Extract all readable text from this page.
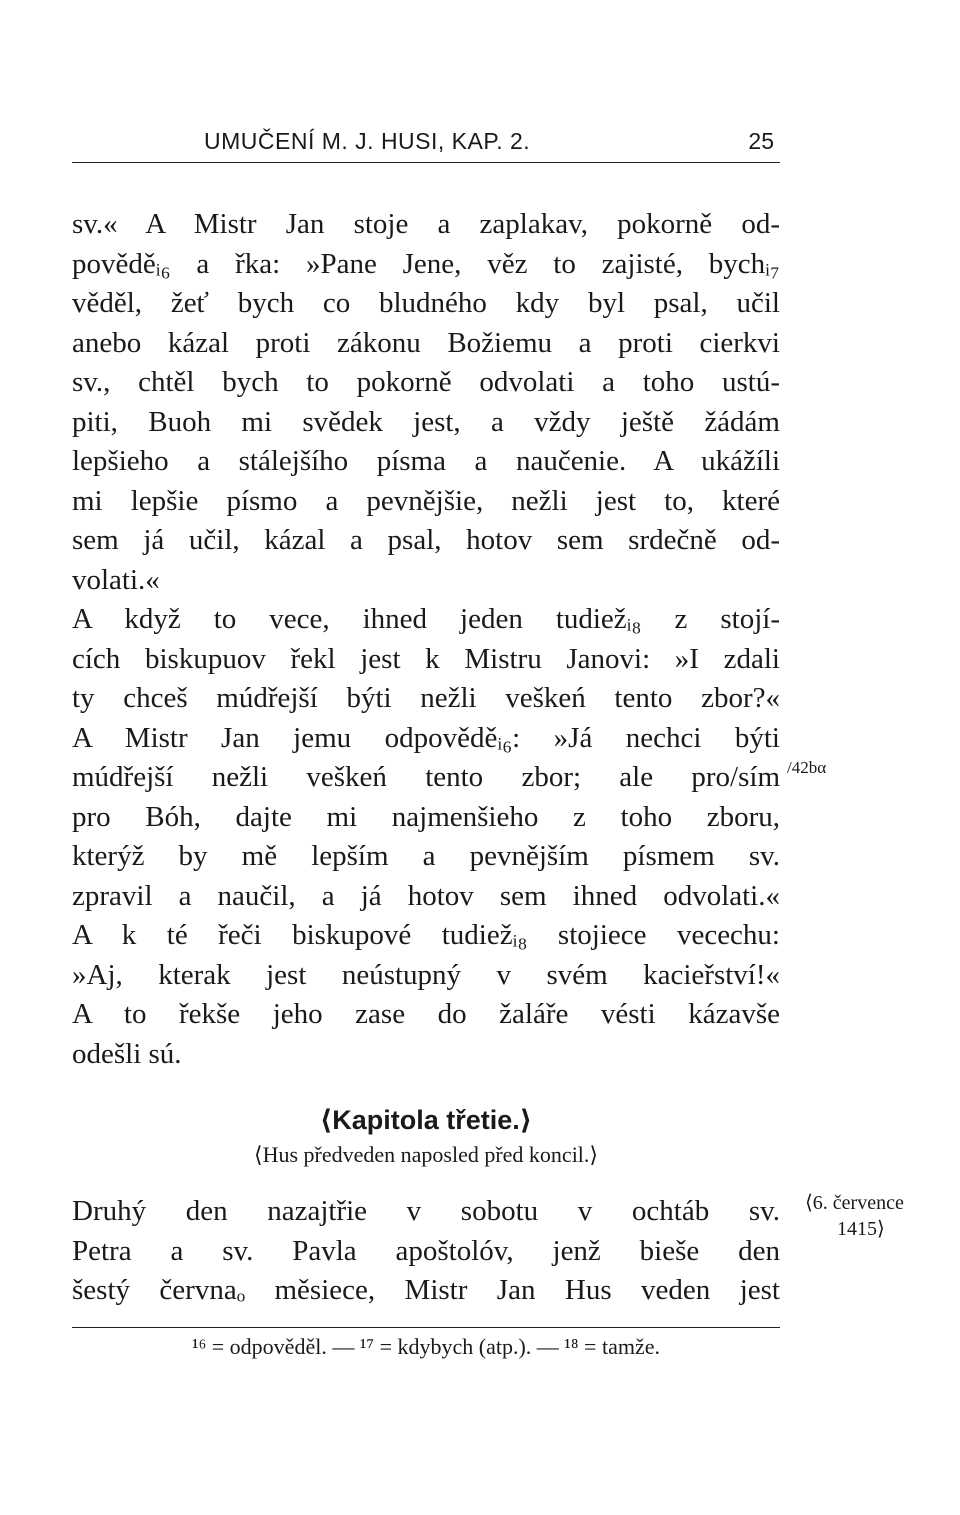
UMUČENÍ M. J. HUSI, KAP. 2.	25
sv.« A Mistr Jan stoje a zaplakav, pokorně od-
pověděᵢ₆ a řka: »Pane Jene, věz to zajisté, bychᵢ₇
věděl, žeť bych co bludného kdy byl psal, učil
anebo kázal proti zákonu Božiemu a proti cierkvi
sv., chtěl bych to pokorně odvolati a toho ustú-
piti, Buoh mi svědek jest, a vždy ještě žádám
lepšieho a stálejšího písma a naučenie. A ukážíli
mi lepšie písmo a pevnějšie, nežli jest to, které
sem já učil, kázal a psal, hotov sem srdečně od-
volati.«
A když to vece, ihned jeden tudiežᵢ₈ z stojí-
cích biskupuov řekl jest k Mistru Janovi: »I zdali
ty chceš múdřejší býti nežli veškeń tento zbor?«
A Mistr Jan jemu odpověděᵢ₆: »Já nechci býti
múdřejší nežli veškeń tento zbor; ale pro/sím /42bα
pro Bóh, dajte mi najmenšieho z toho zboru,
kterýž by mě lepším a pevnějším písmem sv.
zpravil a naučil, a já hotov sem ihned odvolati.«
A k té řeči biskupové tudiežᵢ₈ stojiece vecechu:
»Aj, kterak jest neústupný v svém kacieřství!«
A to řekše jeho zase do žaláře vésti kázavše
odešli sú.
⟨Kapitola třetie.⟩
⟨Hus předveden naposled před koncil.⟩
Druhý den nazajtřie v sobotu v ochtáb sv.
Petra a sv. Pavla apoštolóv, jenž bieše den
šestý červnaₒ měsiece, Mistr Jan Hus veden jest
⟨6. července
1415⟩
¹⁶ = odpověděl. — ¹⁷ = kdybych (atp.). — ¹⁸ = tamže.
